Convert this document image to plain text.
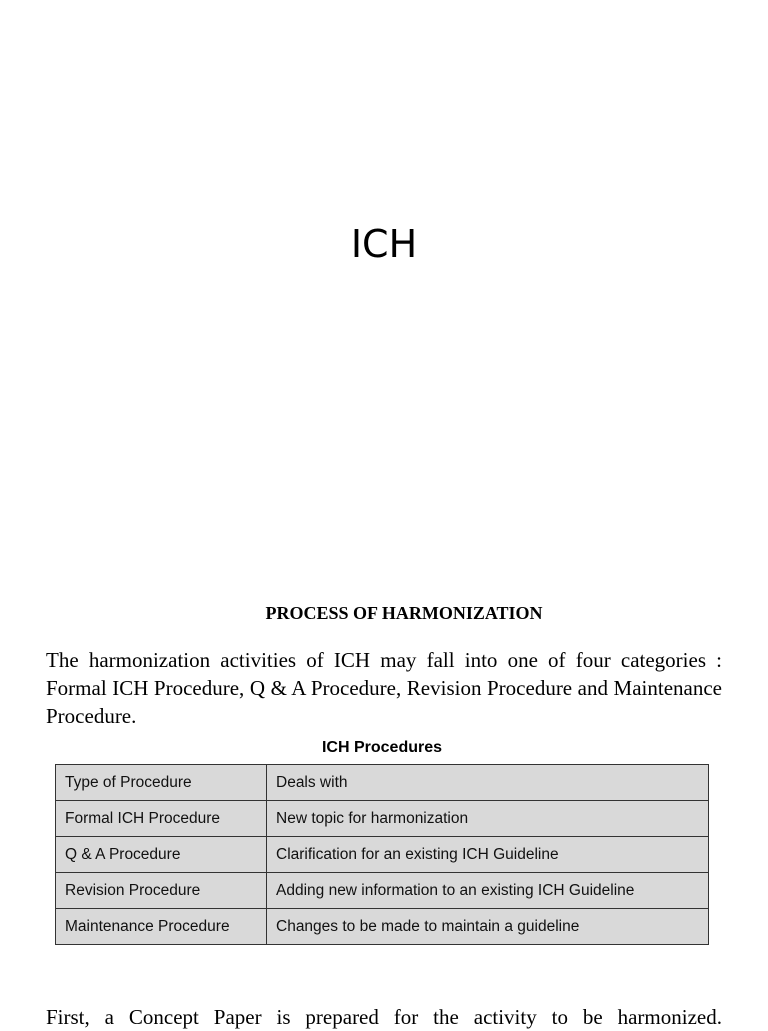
ICH
PROCESS OF HARMONIZATION
The harmonization activities of ICH may fall into one of four categories : Formal ICH Procedure, Q & A Procedure, Revision Procedure and Maintenance Procedure.
ICH Procedures
Type of Procedure	Deals with
Formal ICH Procedure	New topic for harmonization
Q & A Procedure	Clarification for an existing ICH Guideline
Revision Procedure	Adding new information to an existing ICH Guideline
Maintenance Procedure	Changes to be made to maintain a guideline
First, a Concept Paper is prepared for the activity to be harmonized.
